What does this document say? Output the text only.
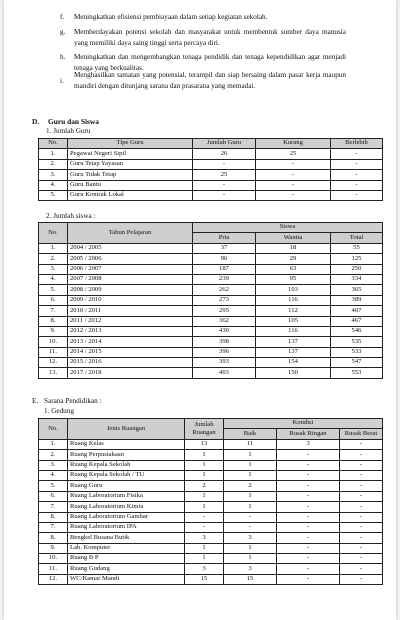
f. Meningkatkan efisiensi pembiayaan dalam setiap kegiatan sekolah.
g. Memberdayakan potensi sekolah dan masyarakat untuk membentuk sumber daya manusia yang memiliki daya saing tinggi serta percaya diri.
h. Meningkatkan dan mengembangkan tenaga pendidik dan tenaga kependidikan agar menjadi tenaga yang berkualitas.
i.
Menghasilkan tamatan yang potensial, terampil dan siap bersaing dalam pasar kerja maupun mandiri dengan ditunjang sarana dan prasarana yang memadai.
D. Guru dan Siswa
1. Jumlah Guru
No.	Tipe Guru	Jumlah Guru	Kurang	Berlebih
1.	Pegawai Negeri Sipil	26	25	-
2.	Guru Tetap Yayasan	-	-	-
3.	Guru Tidak Tetap	25	-	-
4.	Guru Bantu	-	-	-
5.	Guru Kontrak Lokal	-	-	-
2. Jumlah siswa :
No.	Tahun Pelajaran	Siswa		
		Pria	Wanita	Total
1.	2004 / 2005	37	18	55
2.	2005 / 2006	96	29	125
3.	2006 / 2007	187	63	250
4.	2007 / 2008	239	95	334
5.	2008 / 2009	262	103	365
6.	2009 / 2010	273	116	389
7.	2010 / 2011	295	112	407
8.	2011 / 2012	362	105	467
9.	2012 / 2013	430	116	546
10.	2013 / 2014	398	137	535
11.	2014 / 2015	396	137	533
12.	2015 / 2016	393	154	547
13.	2017 / 2018	403	150	553
E. Sarana Pendidikan :
1. Gedung
No.	Jenis Ruangan	Jumlah Ruangan	Kondisi		
			Baik	Rusak Ringan	Rusak Berat
1.	Ruang Kelas	13	11	3	-
2.	Ruang Perpustakaan	1	1	-	-
3.	Ruang Kepala Sekolah	1	1	-	-
4.	Ruang Kepala Sekolah / TU	1	1	-	-
5.	Ruang Guru	2	2	-	-
6.	Ruang Laboratorium Fisika	1	1	-	-
7.	Ruang Laboratorium Kimia	1	1	-	-
8.	Ruang Laboratorium Gambar	-	-	-	-
7.	Ruang Laboratorium IPA	-	-	-	-
8.	Bengkel Busana Butik	3	3	-	-
9.	Lab. Komputer	1	1	-	-
10.	Ruang B P	1	1	-	-
11.	Ruang Gudang	3	3	-	-
12.	WC/Kamar Mandi	15	15	-	-
